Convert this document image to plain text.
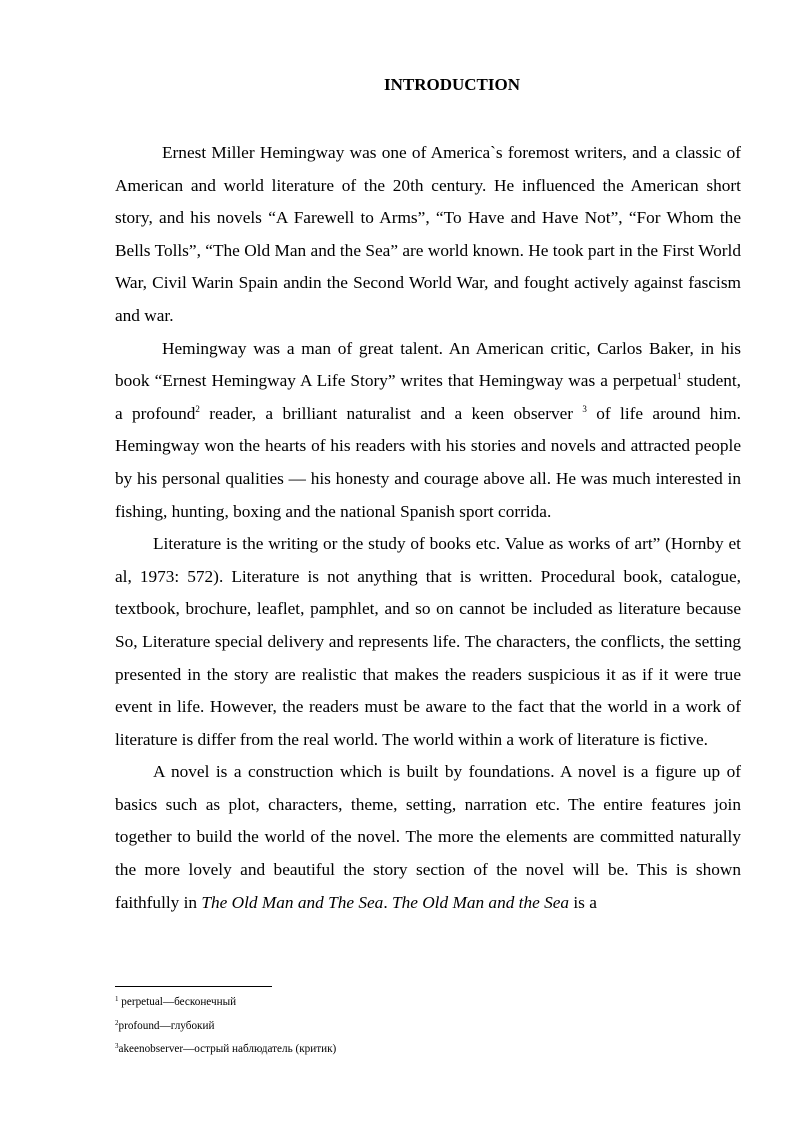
INTRODUCTION

Ernest Miller Hemingway was one of America`s foremost writers, and a classic of American and world literature of the 20th century. He influenced the American short story, and his novels “A Farewell to Arms”, “To Have and Have Not”, “For Whom the Bells Tolls”, “The Old Man and the Sea” are world known. He took part in the First World War, Civil Warin Spain andin the Second World War, and fought actively against fascism and war.

Hemingway was a man of great talent. An American critic, Carlos Baker, in his book “Ernest Hemingway A Life Story” writes that Hemingway was a perpetual$^1$ student, a profound$^2$ reader, a brilliant naturalist and a keen observer $^3$ of life around him. Hemingway won the hearts of his readers with his stories and novels and attracted people by his personal qualities — his honesty and courage above all. He was much interested in fishing, hunting, boxing and the national Spanish sport corrida.

Literature is the writing or the study of books etc. Value as works of art” (Hornby et al, 1973: 572). Literature is not anything that is written. Procedural book, catalogue, textbook, brochure, leaflet, pamphlet, and so on cannot be included as literature because So, Literature special delivery and represents life. The characters, the conflicts, the setting presented in the story are realistic that makes the readers suspicious it as if it were true event in life. However, the readers must be aware to the fact that the world in a work of literature is differ from the real world. The world within a work of literature is fictive.

A novel is a construction which is built by foundations. A novel is a figure up of basics such as plot, characters, theme, setting, narration etc. The entire features join together to build the world of the novel. The more the elements are committed naturally the more lovely and beautiful the story section of the novel will be. This is shown faithfully in The Old Man and The Sea. The Old Man and the Sea is a

$^1$ perpetual—бесконечный
$^2$profound—глубокий
$^3$akeenobserver—острый наблюдатель (критик)
